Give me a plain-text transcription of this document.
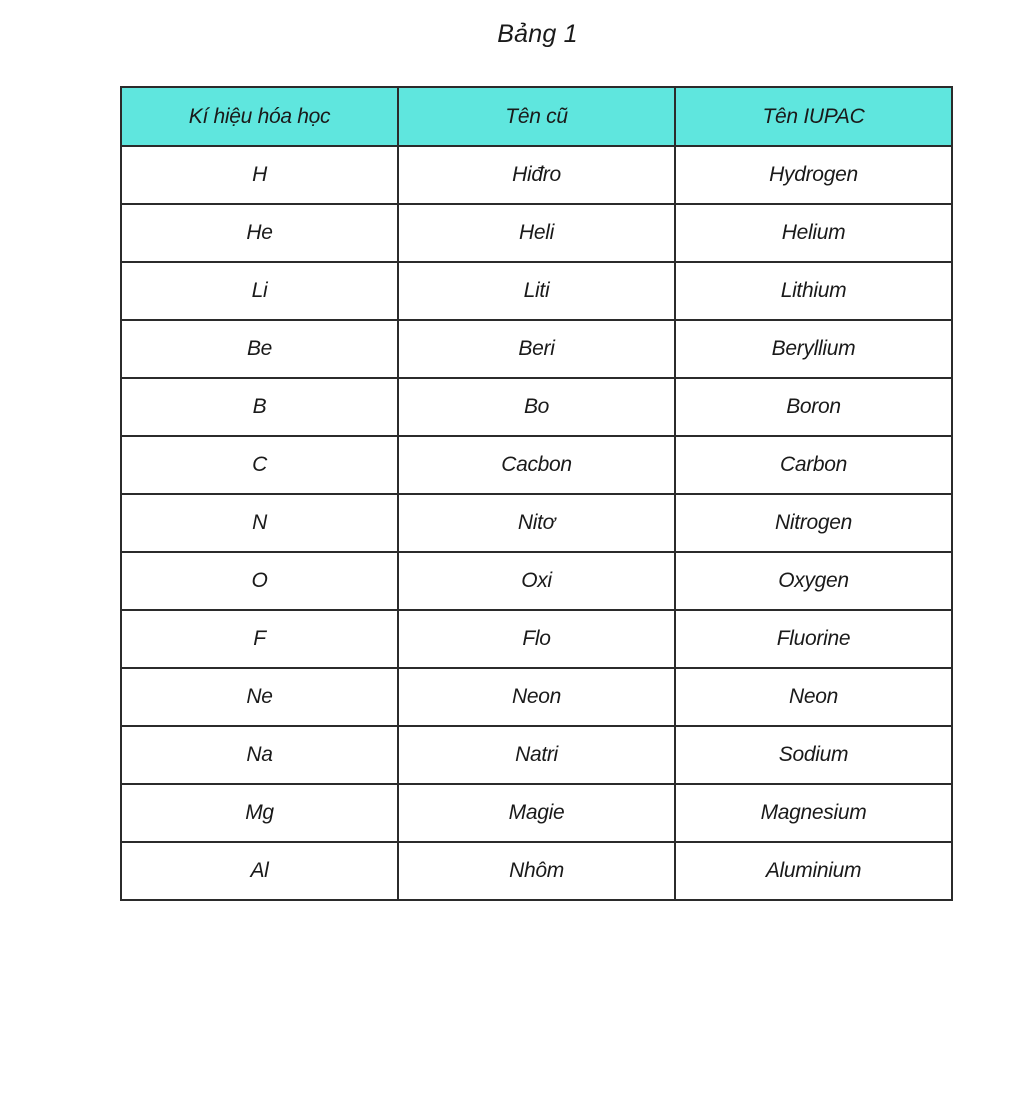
Bảng 1
Kí hiệu hóa học	Tên cũ	Tên IUPAC
H	Hiđro	Hydrogen
He	Heli	Helium
Li	Liti	Lithium
Be	Beri	Beryllium
B	Bo	Boron
C	Cacbon	Carbon
N	Nitơ	Nitrogen
O	Oxi	Oxygen
F	Flo	Fluorine
Ne	Neon	Neon
Na	Natri	Sodium
Mg	Magie	Magnesium
Al	Nhôm	Aluminium
